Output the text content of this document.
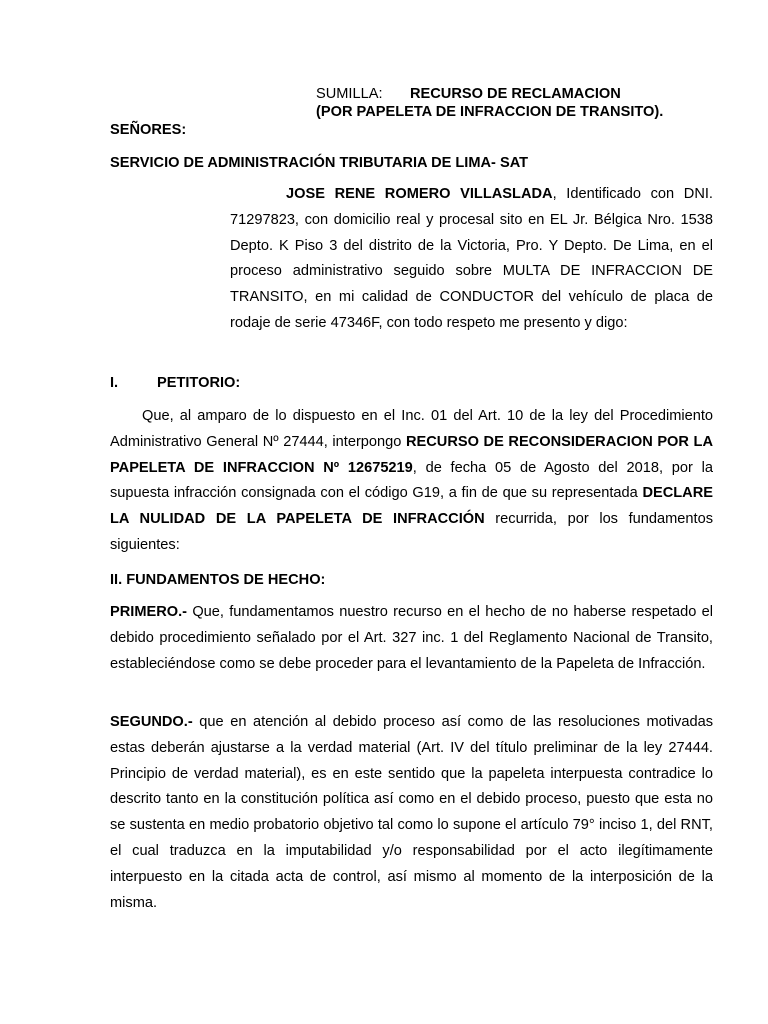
SUMILLA: RECURSO DE RECLAMACION
(POR PAPELETA DE INFRACCION DE TRANSITO).
SEÑORES:
SERVICIO DE ADMINISTRACIÓN TRIBUTARIA DE LIMA- SAT

JOSE RENE ROMERO VILLASLADA, Identificado con DNI. 71297823, con domicilio real y procesal sito en EL Jr. Bélgica Nro. 1538 Depto. K Piso 3 del distrito de la Victoria, Pro. Y Depto. De Lima, en el proceso administrativo seguido sobre MULTA DE INFRACCION DE TRANSITO, en mi calidad de CONDUCTOR del vehículo de placa de rodaje de serie 47346F, con todo respeto me presento y digo:

I.	PETITORIO:

Que, al amparo de lo dispuesto en el Inc. 01 del Art. 10 de la ley del Procedimiento Administrativo General Nº 27444, interpongo RECURSO DE RECONSIDERACION POR LA PAPELETA DE INFRACCION Nº 12675219, de fecha 05 de Agosto del 2018, por la supuesta infracción consignada con el código G19, a fin de que su representada DECLARE LA NULIDAD DE LA PAPELETA DE INFRACCIÓN recurrida, por los fundamentos siguientes:

II. FUNDAMENTOS DE HECHO:

PRIMERO.- Que, fundamentamos nuestro recurso en el hecho de no haberse respetado el debido procedimiento señalado por el Art. 327 inc. 1 del Reglamento Nacional de Transito, estableciéndose como se debe proceder para el levantamiento de la Papeleta de Infracción.

SEGUNDO.- que en atención al debido proceso así como de las resoluciones motivadas estas deberán ajustarse a la verdad material (Art. IV del título preliminar de la ley 27444. Principio de verdad material), es en este sentido que la papeleta interpuesta contradice lo descrito tanto en la constitución política así como en el debido proceso, puesto que esta no se sustenta en medio probatorio objetivo tal como lo supone el artículo 79° inciso 1, del RNT, el cual traduzca en la imputabilidad y/o responsabilidad por el acto ilegítimamente interpuesto en la citada acta de control, así mismo al momento de la interposición de la misma.
